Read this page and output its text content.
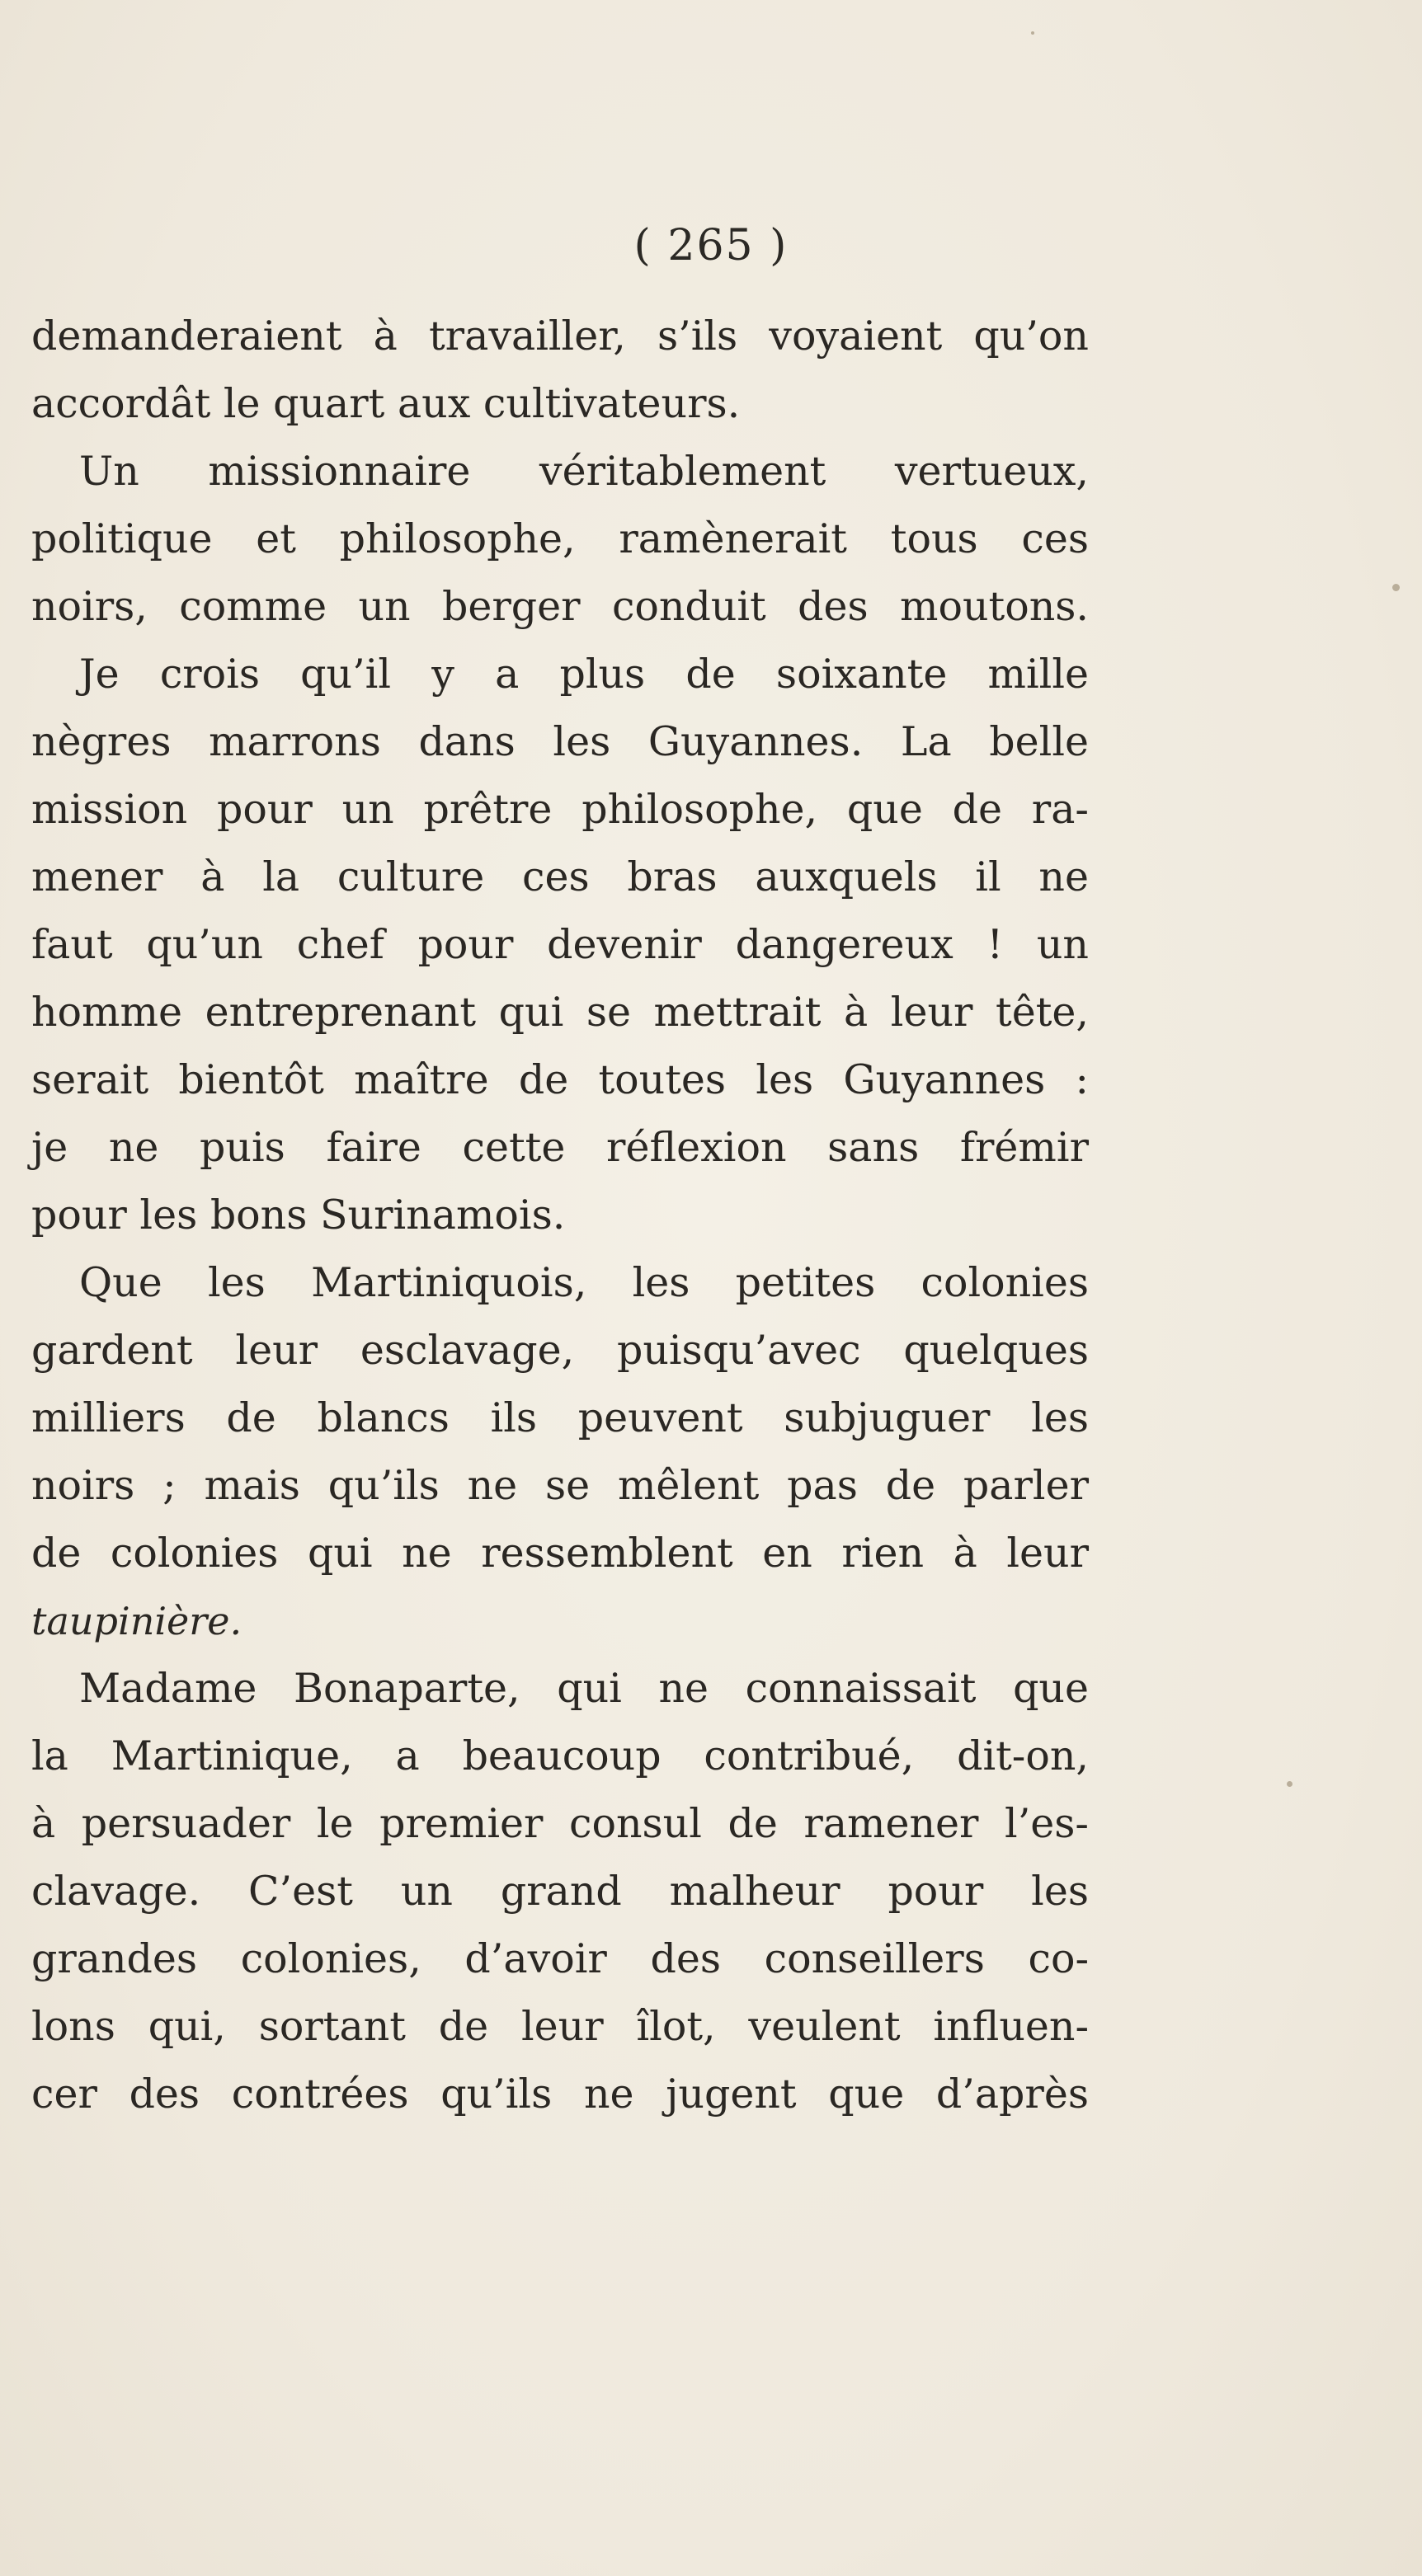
( 265 )
demanderaient à travailler, s’ils voyaient qu’on
accordât le quart aux cultivateurs.
Un missionnaire véritablement vertueux,
politique et philosophe, ramènerait tous ces
noirs, comme un berger conduit des moutons.
Je crois qu’il y a plus de soixante mille
nègres marrons dans les Guyannes. La belle
mission pour un prêtre philosophe, que de ra-
mener à la culture ces bras auxquels il ne
faut qu’un chef pour devenir dangereux ! un
homme entreprenant qui se mettrait à leur tête,
serait bientôt maître de toutes les Guyannes :
je ne puis faire cette réflexion sans frémir
pour les bons Surinamois.
Que les Martiniquois, les petites colonies
gardent leur esclavage, puisqu’avec quelques
milliers de blancs ils peuvent subjuguer les
noirs ; mais qu’ils ne se mêlent pas de parler
de colonies qui ne ressemblent en rien à leur
taupinière.
Madame Bonaparte, qui ne connaissait que
la Martinique, a beaucoup contribué, dit-on,
à persuader le premier consul de ramener l’es-
clavage. C’est un grand malheur pour les
grandes colonies, d’avoir des conseillers co-
lons qui, sortant de leur îlot, veulent influen-
cer des contrées qu’ils ne jugent que d’après
